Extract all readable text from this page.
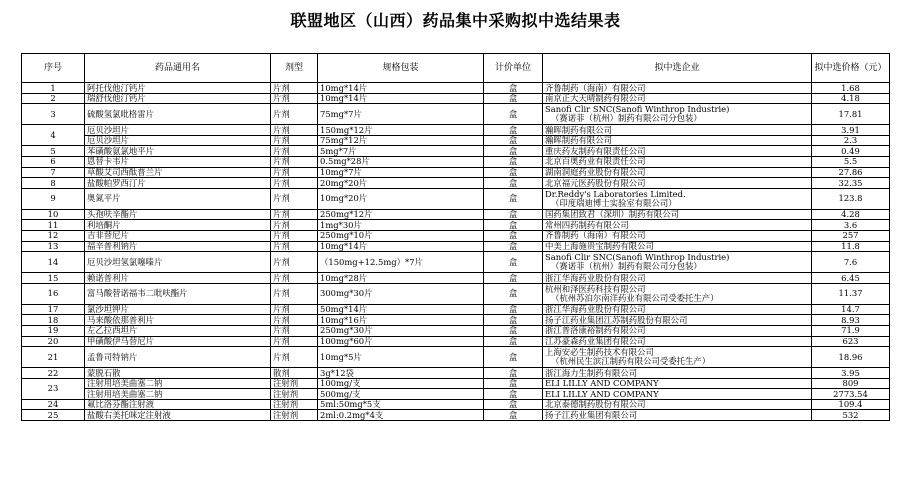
联盟地区（山西）药品集中采购拟中选结果表
序号	药品通用名	剂型	规格包装	计价单位	拟中选企业	拟中选价格（元）
1	阿托伐他汀钙片	片剂	10mg*14片	盒	齐鲁制药（海南）有限公司	1.68
2	瑞舒伐他汀钙片	片剂	10mg*14片	盒	南京正大天晴制药有限公司	4.18
3	硫酸氢氯吡格雷片	片剂	75mg*7片	盒	Sanofi Clir SNC(Sanofi Winthrop Industrie)
（赛诺菲（杭州）制药有限公司分包装）	17.81
4	厄贝沙坦片	片剂	150mg*12片	盒	瀚晖制药有限公司	3.91
	厄贝沙坦片	片剂	75mg*12片	盒	瀚晖制药有限公司	2.3
5	苯磺酸氨氯地平片	片剂	5mg*7片	盒	重庆药友制药有限责任公司	0.49
6	恩替卡韦片	片剂	0.5mg*28片	盒	北京百奥药业有限责任公司	5.5
7	草酸艾司西酞普兰片	片剂	10mg*7片	盒	湖南洞庭药业股份有限公司	27.86
8	盐酸帕罗西汀片	片剂	20mg*20片	盒	北京福元医药股份有限公司	32.35
9	奥氮平片	片剂	10mg*20片	盒	Dr.Reddy's Laboratories Limited.
（印度瑞迪博士实验室有限公司）	123.8
10	头孢呋辛酯片	片剂	250mg*12片	盒	国药集团致君（深圳）制药有限公司	4.28
11	利培酮片	片剂	1mg*30片	盒	常州四药制药有限公司	3.6
12	吉非替尼片	片剂	250mg*10片	盒	齐鲁制药（海南）有限公司	257
13	福辛普利钠片	片剂	10mg*14片	盒	中美上海施贵宝制药有限公司	11.8
14	厄贝沙坦氢氯噻嗪片	片剂	（150mg+12.5mg）*7片	盒	Sanofi Clir SNC(Sanofi Winthrop Industrie)
（赛诺菲（杭州）制药有限公司分包装）	7.6
15	赖诺普利片	片剂	10mg*28片	盒	浙江华海药业股份有限公司	6.45
16	富马酸替诺福韦二吡呋酯片	片剂	300mg*30片	盒	杭州和泽医药科技有限公司
（杭州苏泊尔南洋药业有限公司受委托生产）	11.37
17	氯沙坦钾片	片剂	50mg*14片	盒	浙江华海药业股份有限公司	14.7
18	马来酸依那普利片	片剂	10mg*16片	盒	扬子江药业集团江苏制药股份有限公司	8.93
19	左乙拉西坦片	片剂	250mg*30片	盒	浙江普洛康裕制药有限公司	71.9
20	甲磺酸伊马替尼片	片剂	100mg*60片	盒	江苏豪森药业集团有限公司	623
21	孟鲁司特钠片	片剂	10mg*5片	盒	上海安必生制药技术有限公司
（杭州民生滨江制药有限公司受委托生产）	18.96
22	蒙脱石散	散剂	3g*12袋	盒	浙江海力生制药有限公司	3.95
23	注射用培美曲塞二钠	注射剂	100mg/支	盒	ELI LILLY AND COMPANY	809
	注射用培美曲塞二钠	注射剂	500mg/支	盒	ELI LILLY AND COMPANY	2773.54
24	氟比洛芬酯注射液	注射剂	5ml:50mg*5支	盒	北京泰德制药股份有限公司	109.4
25	盐酸右美托咪定注射液	注射剂	2ml:0.2mg*4支	盒	扬子江药业集团有限公司	532
